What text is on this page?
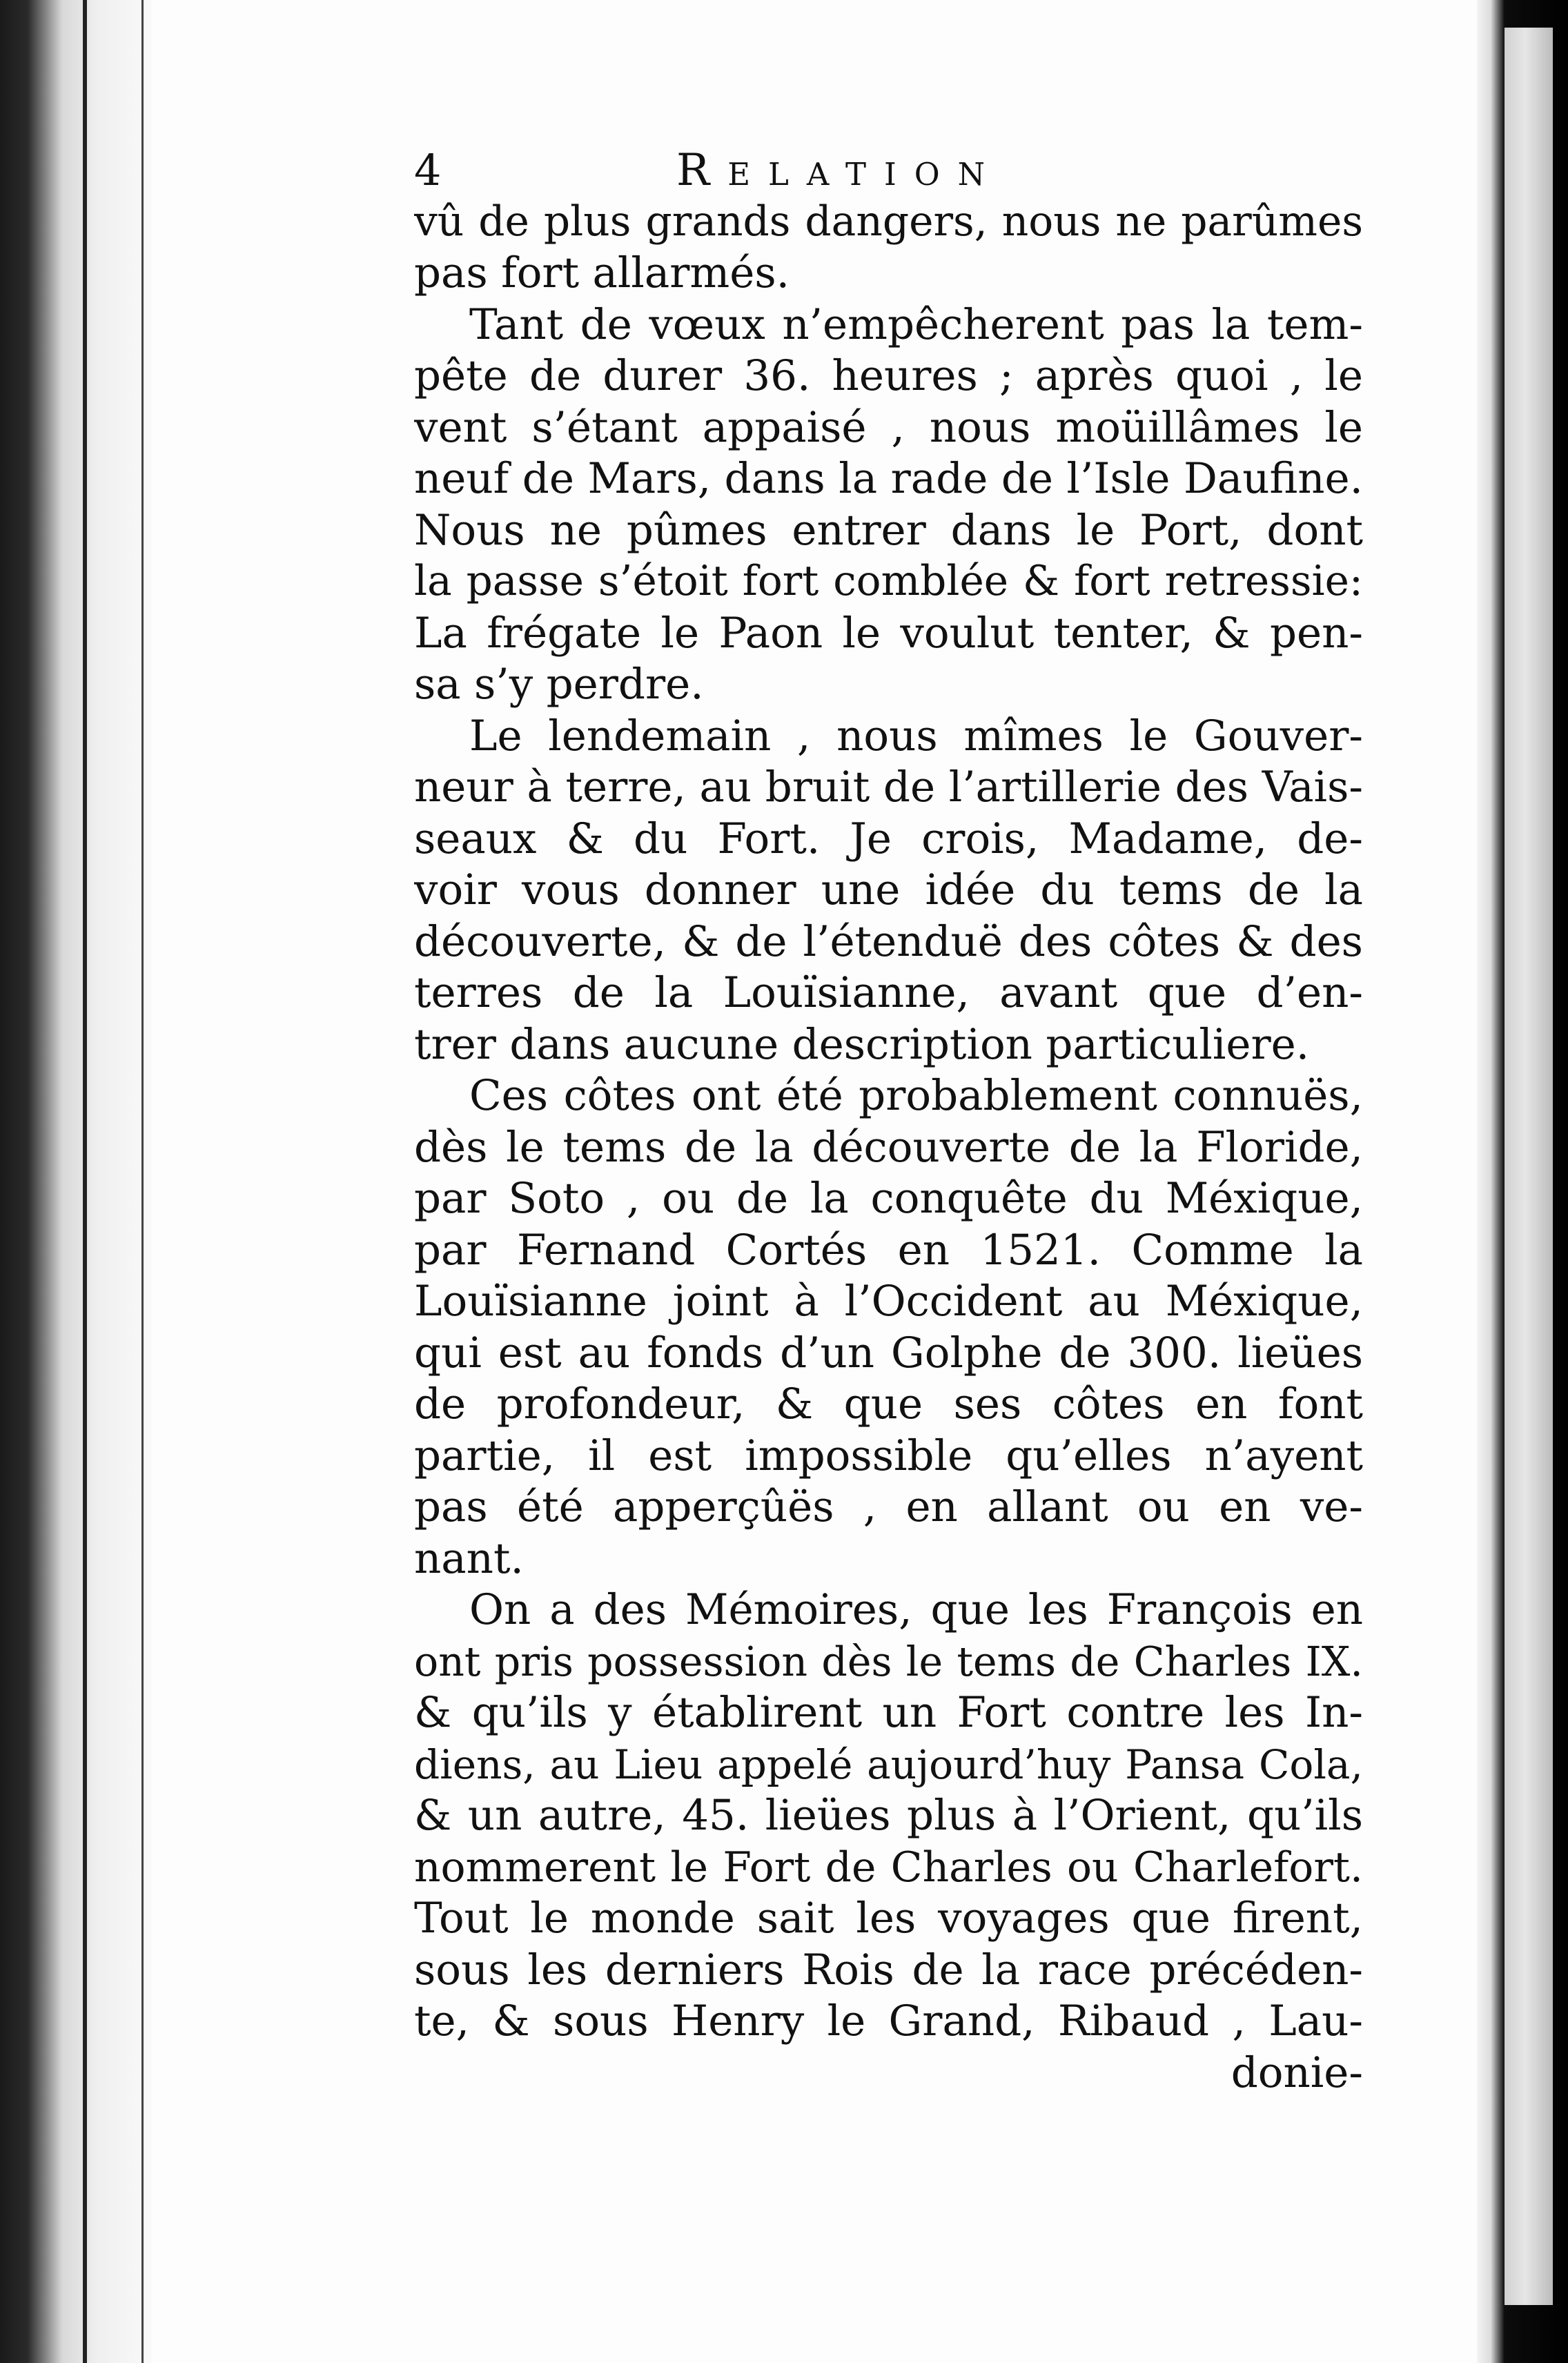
4	Relation
vû de plus grands dangers, nous ne parûmes
pas fort allarmés.
Tant de vœux n’empêcherent pas la tem-
pête de durer 36. heures ; après quoi , le
vent s’étant appaisé , nous moüillâmes le
neuf de Mars, dans la rade de l’Isle Daufine.
Nous ne pûmes entrer dans le Port, dont
la passe s’étoit fort comblée & fort retressie:
La frégate le Paon le voulut tenter, & pen-
sa s’y perdre.
Le lendemain , nous mîmes le Gouver-
neur à terre, au bruit de l’artillerie des Vais-
seaux & du Fort. Je crois, Madame, de-
voir vous donner une idée du tems de la
découverte, & de l’étenduë des côtes & des
terres de la Louïsianne, avant que d’en-
trer dans aucune description particuliere.
Ces côtes ont été probablement connuës,
dès le tems de la découverte de la Floride,
par Soto , ou de la conquête du Méxique,
par Fernand Cortés en 1521. Comme la
Louïsianne joint à l’Occident au Méxique,
qui est au fonds d’un Golphe de 300. lieües
de profondeur, & que ses côtes en font
partie, il est impossible qu’elles n’ayent
pas été apperçûës , en allant ou en ve-
nant.
On a des Mémoires, que les François en
ont pris possession dès le tems de Charles IX.
& qu’ils y établirent un Fort contre les In-
diens, au Lieu appelé aujourd’huy Pansa Cola,
& un autre, 45. lieües plus à l’Orient, qu’ils
nommerent le Fort de Charles ou Charlefort.
Tout le monde sait les voyages que firent,
sous les derniers Rois de la race précéden-
te, & sous Henry le Grand, Ribaud , Lau-
donie-
